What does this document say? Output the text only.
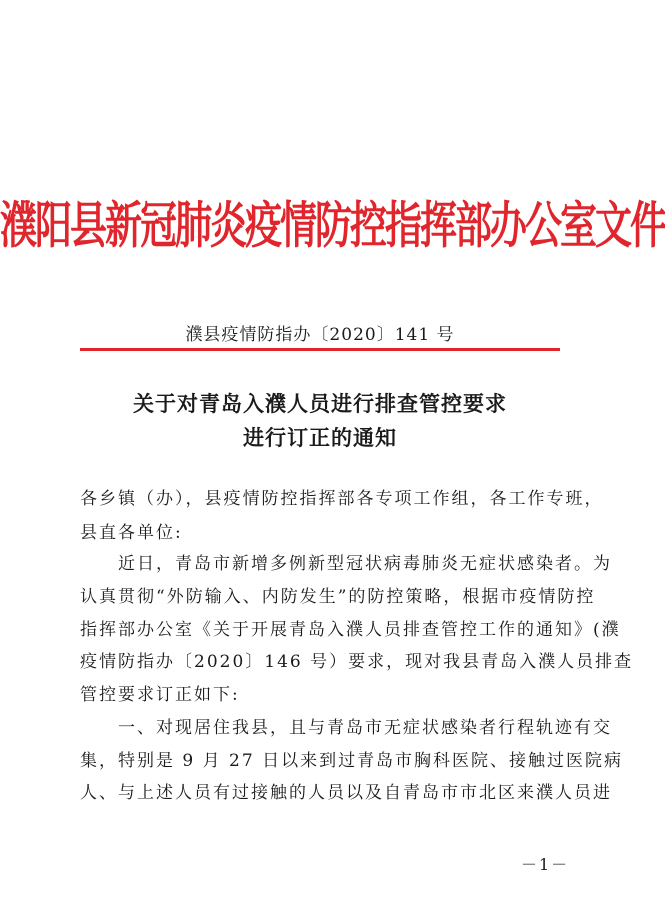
濮阳县新冠肺炎疫情防控指挥部办公室文件
濮县疫情防指办〔2020〕141 号
关于对青岛入濮人员进行排查管控要求
进行订正的通知
各乡镇（办），县疫情防控指挥部各专项工作组，各工作专班，
县直各单位:
　　近日，青岛市新增多例新型冠状病毒肺炎无症状感染者。为
认真贯彻“外防输入、内防发生”的防控策略，根据市疫情防控
指挥部办公室《关于开展青岛入濮人员排查管控工作的通知》(濮
疫情防指办〔2020〕146 号）要求，现对我县青岛入濮人员排查
管控要求订正如下:
　　一、对现居住我县，且与青岛市无症状感染者行程轨迹有交
集，特别是 9 月 27 日以来到过青岛市胸科医院、接触过医院病
人、与上述人员有过接触的人员以及自青岛市市北区来濮人员进
－1－
